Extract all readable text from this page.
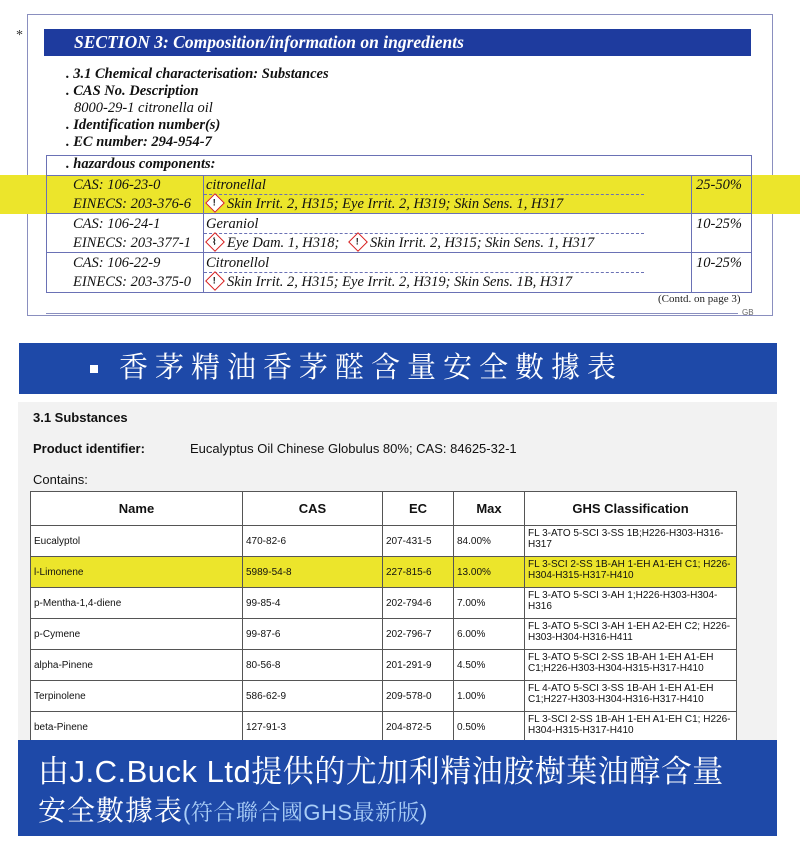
*	SECTION 3: Composition/information on ingredients
. 3.1 Chemical characterisation: Substances
. CAS No. Description
8000-29-1 citronella oil
. Identification number(s)
. EC number: 294-954-7
. hazardous components:
CAS: 106-23-0
EINECS: 203-376-6
citronellal	25-50%
! Skin Irrit. 2, H315; Eye Irrit. 2, H319; Skin Sens. 1, H317
CAS: 106-24-1
EINECS: 203-377-1
Geraniol	10-25%
⌇ Eye Dam. 1, H318;	! Skin Irrit. 2, H315; Skin Sens. 1, H317
CAS: 106-22-9
EINECS: 203-375-0
Citronellol	10-25%
! Skin Irrit. 2, H315; Eye Irrit. 2, H319; Skin Sens. 1B, H317
(Contd. on page 3)
GB
香茅精油香茅醛含量安全數據表
3.1 Substances
Product identifier:	Eucalyptus Oil Chinese Globulus 80%; CAS: 84625-32-1
Contains:
Name	CAS	EC	Max	GHS Classification
Eucalyptol	470-82-6	207-431-5	84.00%	FL 3-ATO 5-SCI 3-SS 1B;H226-H303-H316-H317
l-Limonene	5989-54-8	227-815-6	13.00%	FL 3-SCI 2-SS 1B-AH 1-EH A1-EH C1; H226-H304-H315-H317-H410
p-Mentha-1,4-diene	99-85-4	202-794-6	7.00%	FL 3-ATO 5-SCI 3-AH 1;H226-H303-H304-H316
p-Cymene	99-87-6	202-796-7	6.00%	FL 3-ATO 5-SCI 3-AH 1-EH A2-EH C2; H226-H303-H304-H316-H411
alpha-Pinene	80-56-8	201-291-9	4.50%	FL 3-ATO 5-SCI 2-SS 1B-AH 1-EH A1-EH C1;H226-H303-H304-H315-H317-H410
Terpinolene	586-62-9	209-578-0	1.00%	FL 4-ATO 5-SCI 3-SS 1B-AH 1-EH A1-EH C1;H227-H303-H304-H316-H317-H410
beta-Pinene	127-91-3	204-872-5	0.50%	FL 3-SCI 2-SS 1B-AH 1-EH A1-EH C1; H226-H304-H315-H317-H410
由J.C.Buck Ltd提供的尤加利精油胺樹葉油醇含量
安全數據表(符合聯合國GHS最新版)
